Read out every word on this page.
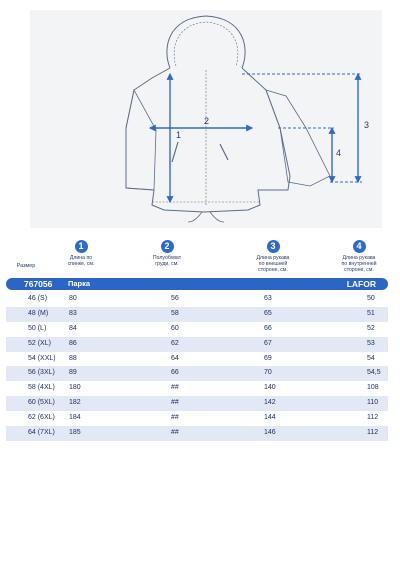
1
2	3
4
Размер
1
Длина по
спинке, см.
2
Полуобхват
груди, см.
3
Длина рукава
по внешней
стороне, см.
4
Длина рукава
по внутренней
стороне, см.
767056 Парка	LAFOR
46 (S)	80	56	63	50
48 (M)	83	58	65	51
50 (L)	84	60	66	52
52 (XL)	86	62	67	53
54 (XXL) 88	64	69	54
56 (3XL) 89	66	70	54,5
58 (4XL) 180	##	140	108
60 (5XL) 182	##	142	110
62 (6XL) 184	##	144	112
64 (7XL) 185	##	146	112
